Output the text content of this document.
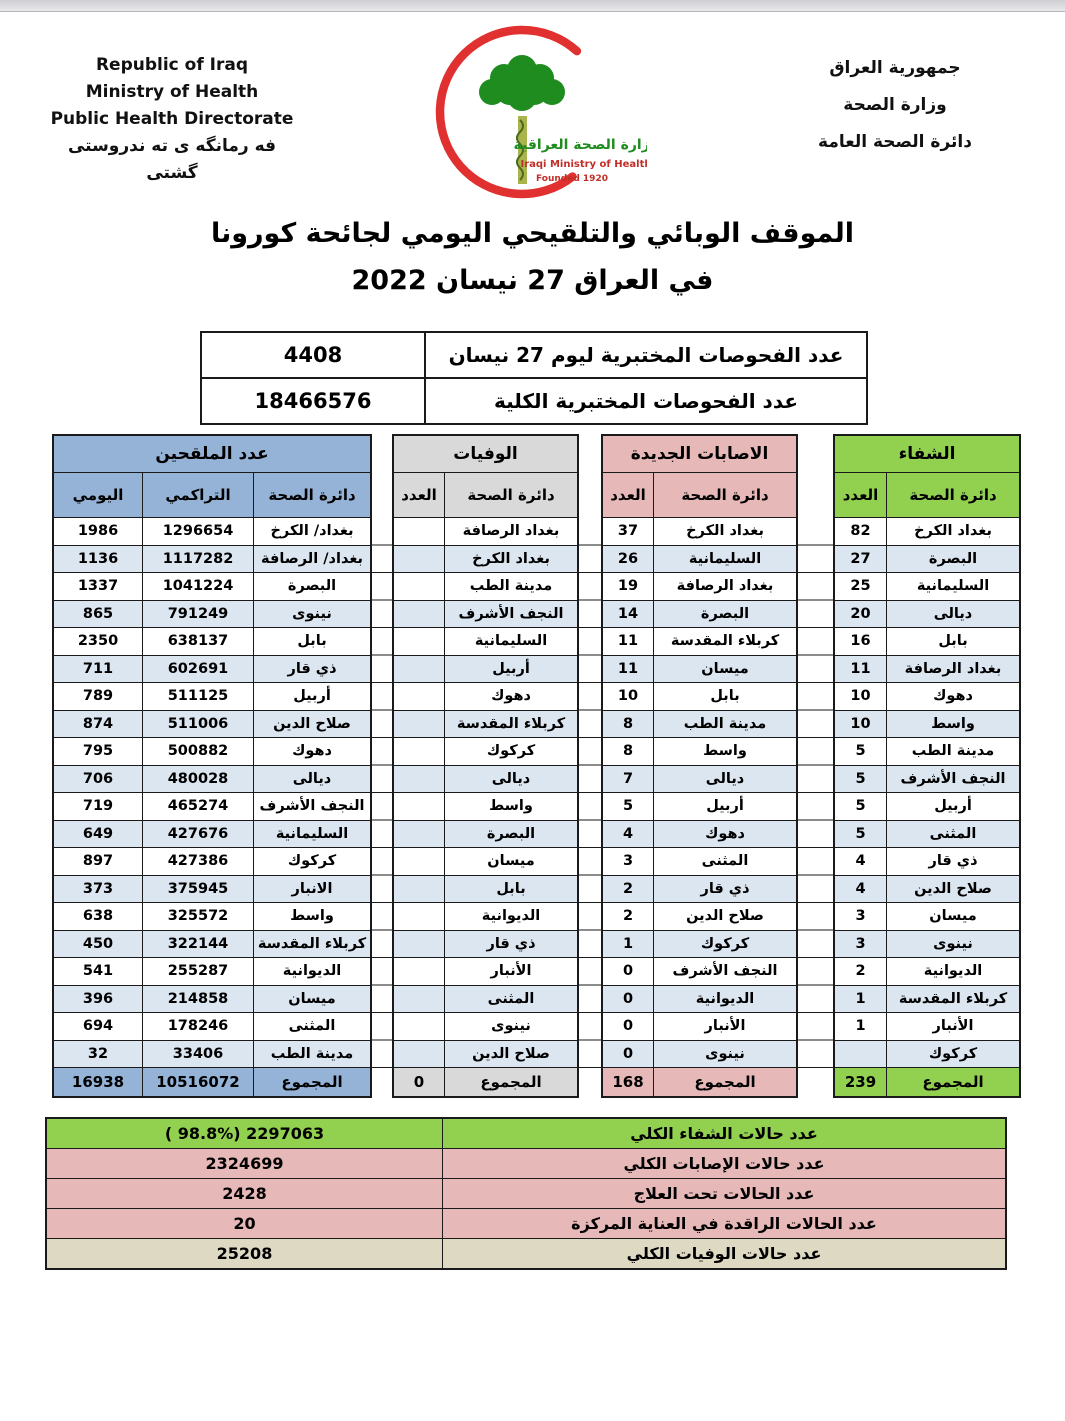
Republic of Iraq
Ministry of Health
Public Health Directorate
فه رمانگه ى ته ندروستى گشتى
وزارة الصحة العراقية
Iraqi Ministry of Health
Founded 1920
جمهورية العراق
وزارة الصحة
دائرة الصحة العامة
الموقف الوبائي والتلقيحي اليومي لجائحة كورونا
في العراق 27 نيسان 2022
4408	عدد الفحوصات المختبرية ليوم 27 نيسان
18466576	عدد الفحوصات المختبرية الكلية
عدد الملقحين
اليومي	التراكمي	دائرة الصحة
1986	1296654	بغداد/ الكرخ
1136	1117282	بغداد/ الرصافة
1337	1041224	البصرة
865	791249	نينوى
2350	638137	بابل
711	602691	ذي قار
789	511125	أربيل
874	511006	صلاح الدين
795	500882	دهوك
706	480028	ديالى
719	465274	النجف الأشرف
649	427676	السليمانية
897	427386	كركوك
373	375945	الانبار
638	325572	واسط
450	322144	كربلاء المقدسة
541	255287	الديوانية
396	214858	ميسان
694	178246	المثنى
32	33406	مدينة الطب
16938	10516072	المجموع
الوفيات
العدد	دائرة الصحة
بغداد الرصافة
بغداد الكرخ
مدينة الطب
النجف الأشرف
السليمانية
أربيل
دهوك
كربلاء المقدسة
كركوك
ديالى
واسط
البصرة
ميسان
بابل
الديوانية
ذي قار
الأنبار
المثنى
نينوى
صلاح الدين
0	المجموع
الاصابات الجديدة
العدد	دائرة الصحة
37	بغداد الكرخ
26	السليمانية
19	بغداد الرصافة
14	البصرة
11	كربلاء المقدسة
11	ميسان
10	بابل
8	مدينة الطب
8	واسط
7	ديالى
5	أربيل
4	دهوك
3	المثنى
2	ذي قار
2	صلاح الدين
1	كركوك
0	النجف الأشرف
0	الديوانية
0	الأنبار
0	نينوى
168	المجموع
الشفاء
العدد	دائرة الصحة
82	بغداد الكرخ
27	البصرة
25	السليمانية
20	ديالى
16	بابل
11	بغداد الرصافة
10	دهوك
10	واسط
5	مدينة الطب
5	النجف الأشرف
5	أربيل
5	المثنى
4	ذي قار
4	صلاح الدين
3	ميسان
3	نينوى
2	الديوانية
1	كربلاء المقدسة
1	الأنبار
كركوك
239	المجموع
( 98.8%) 2297063	عدد حالات الشفاء الكلي
2324699	عدد حالات الإصابات الكلي
2428	عدد الحالات تحت العلاج
20	عدد الحالات الراقدة في العناية المركزة
25208	عدد حالات الوفيات الكلي
